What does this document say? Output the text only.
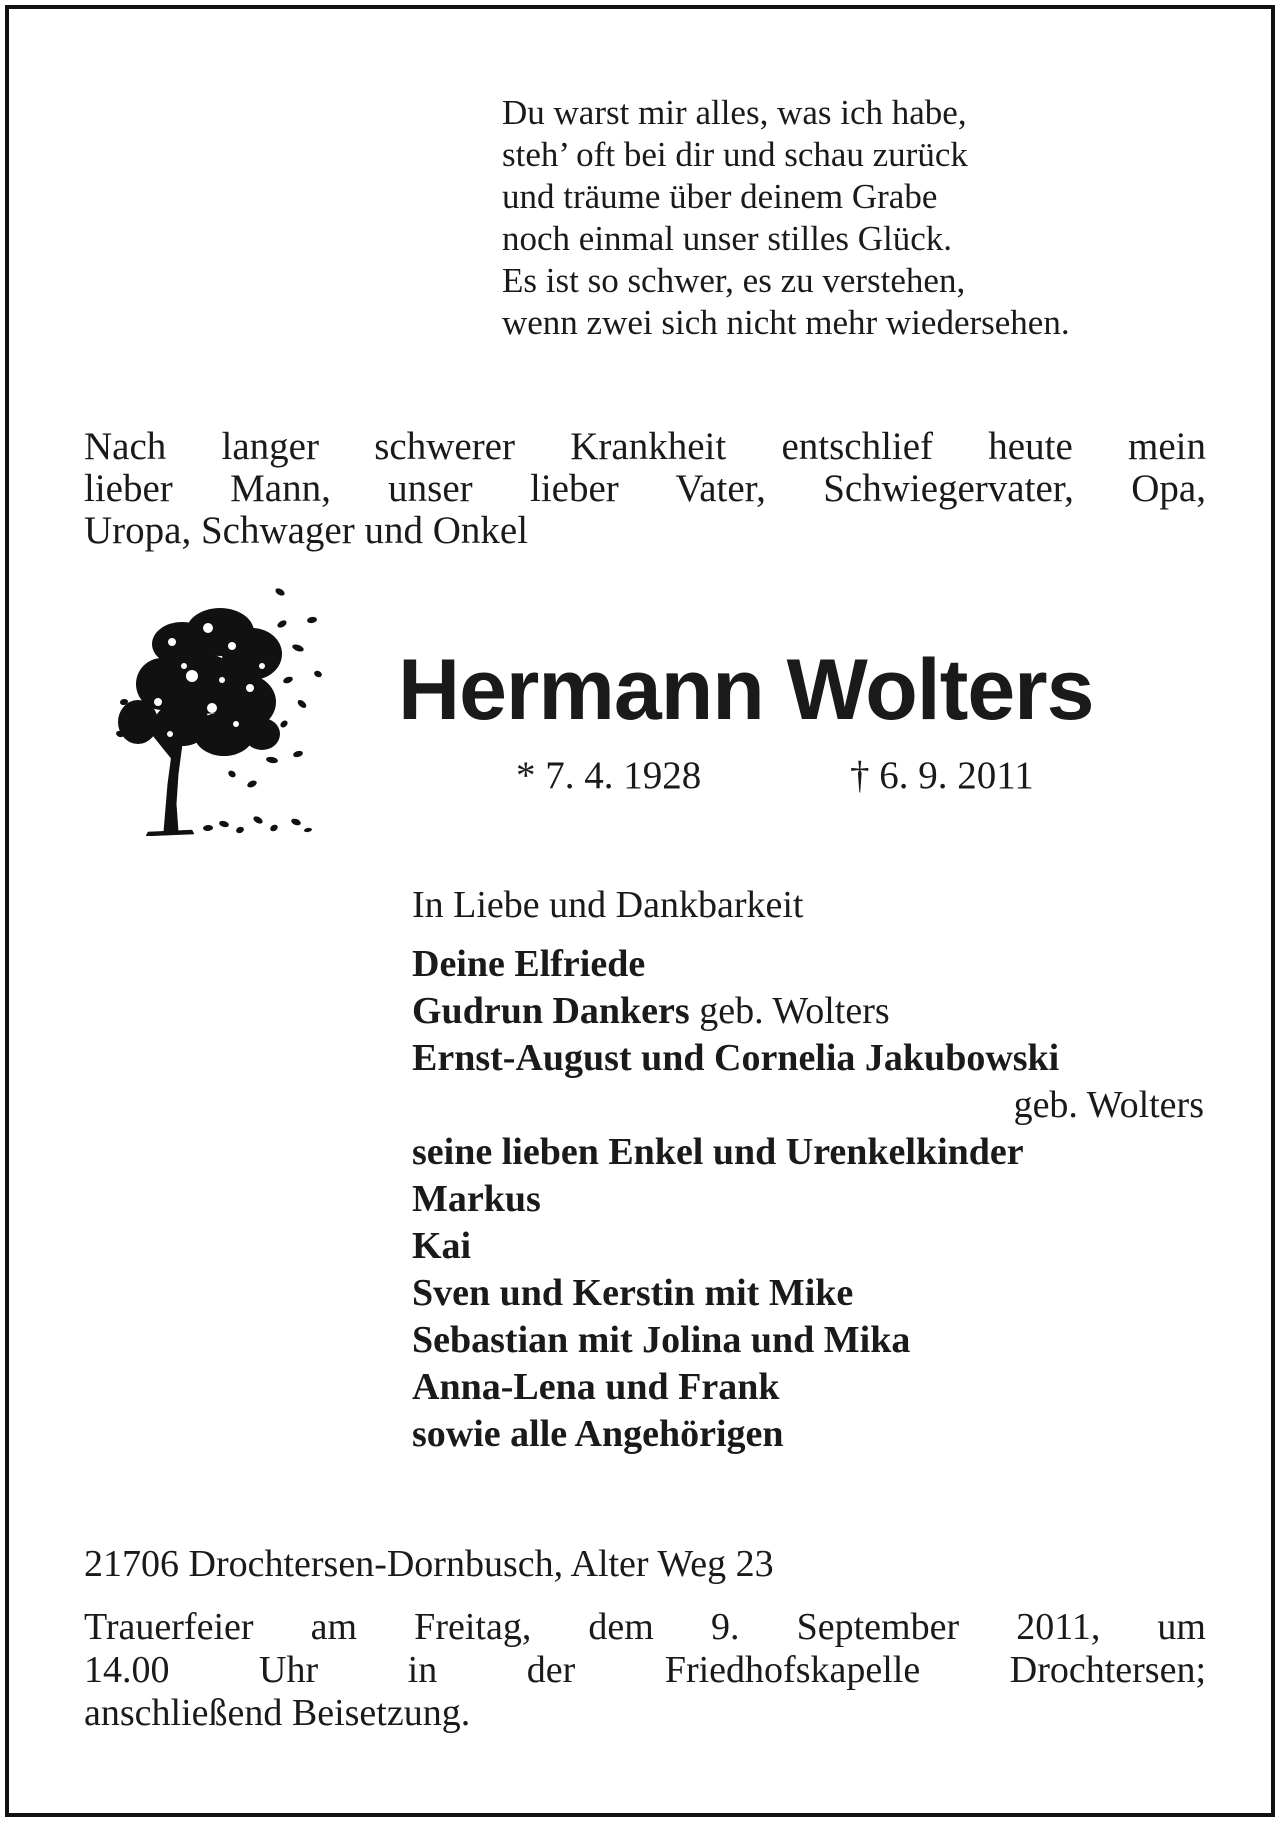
Du warst mir alles, was ich habe,
steh’ oft bei dir und schau zurück
und träume über deinem Grabe
noch einmal unser stilles Glück.
Es ist so schwer, es zu verstehen,
wenn zwei sich nicht mehr wiedersehen.
Nach langer schwerer Krankheit entschlief heute mein
lieber Mann, unser lieber Vater, Schwiegervater, Opa,
Uropa, Schwager und Onkel
Hermann Wolters
* 7. 4. 1928	† 6. 9. 2011
In Liebe und Dankbarkeit
Deine Elfriede
Gudrun Dankers geb. Wolters
Ernst-August und Cornelia Jakubowski
geb. Wolters
seine lieben Enkel und Urenkelkinder
Markus
Kai
Sven und Kerstin mit Mike
Sebastian mit Jolina und Mika
Anna-Lena und Frank
sowie alle Angehörigen
21706 Drochtersen-Dornbusch, Alter Weg 23
Trauerfeier am Freitag, dem 9. September 2011, um
14.00 Uhr in der Friedhofskapelle Drochtersen;
anschließend Beisetzung.
